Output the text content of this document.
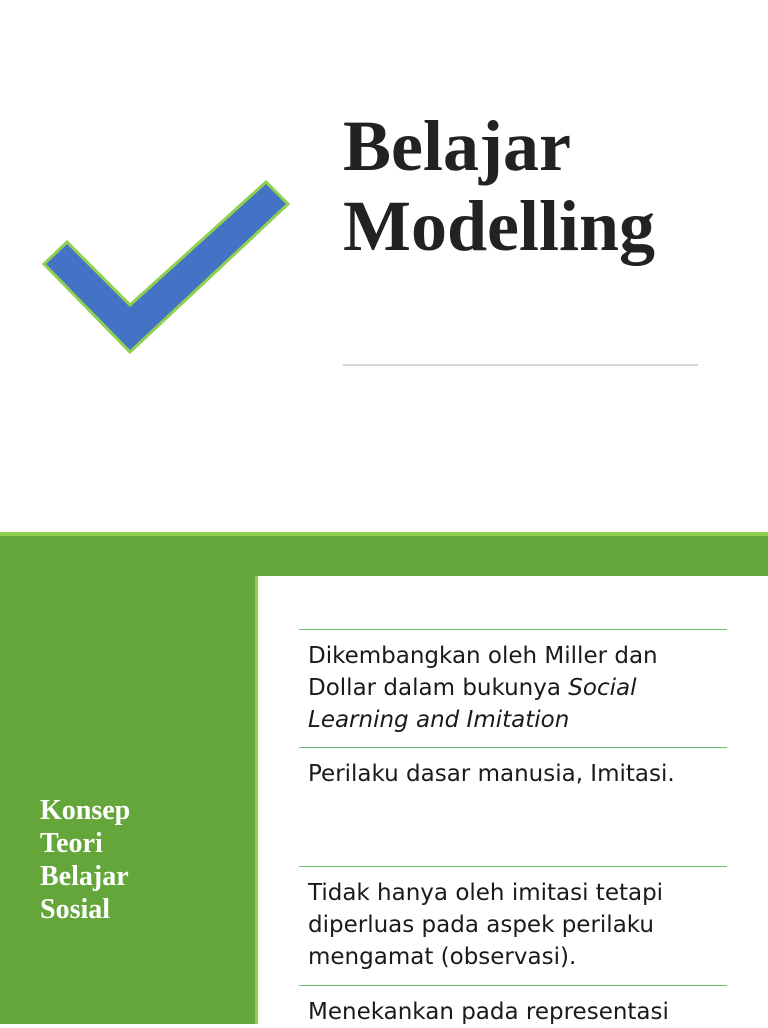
Belajar
Modelling
Konsep
Teori
Belajar
Sosial

Dikembangkan oleh Miller dan Dollar dalam bukunya Social Learning and Imitation

Perilaku dasar manusia, Imitasi.

Tidak hanya oleh imitasi tetapi diperluas pada aspek perilaku mengamat (observasi).

Menekankan pada representasi
